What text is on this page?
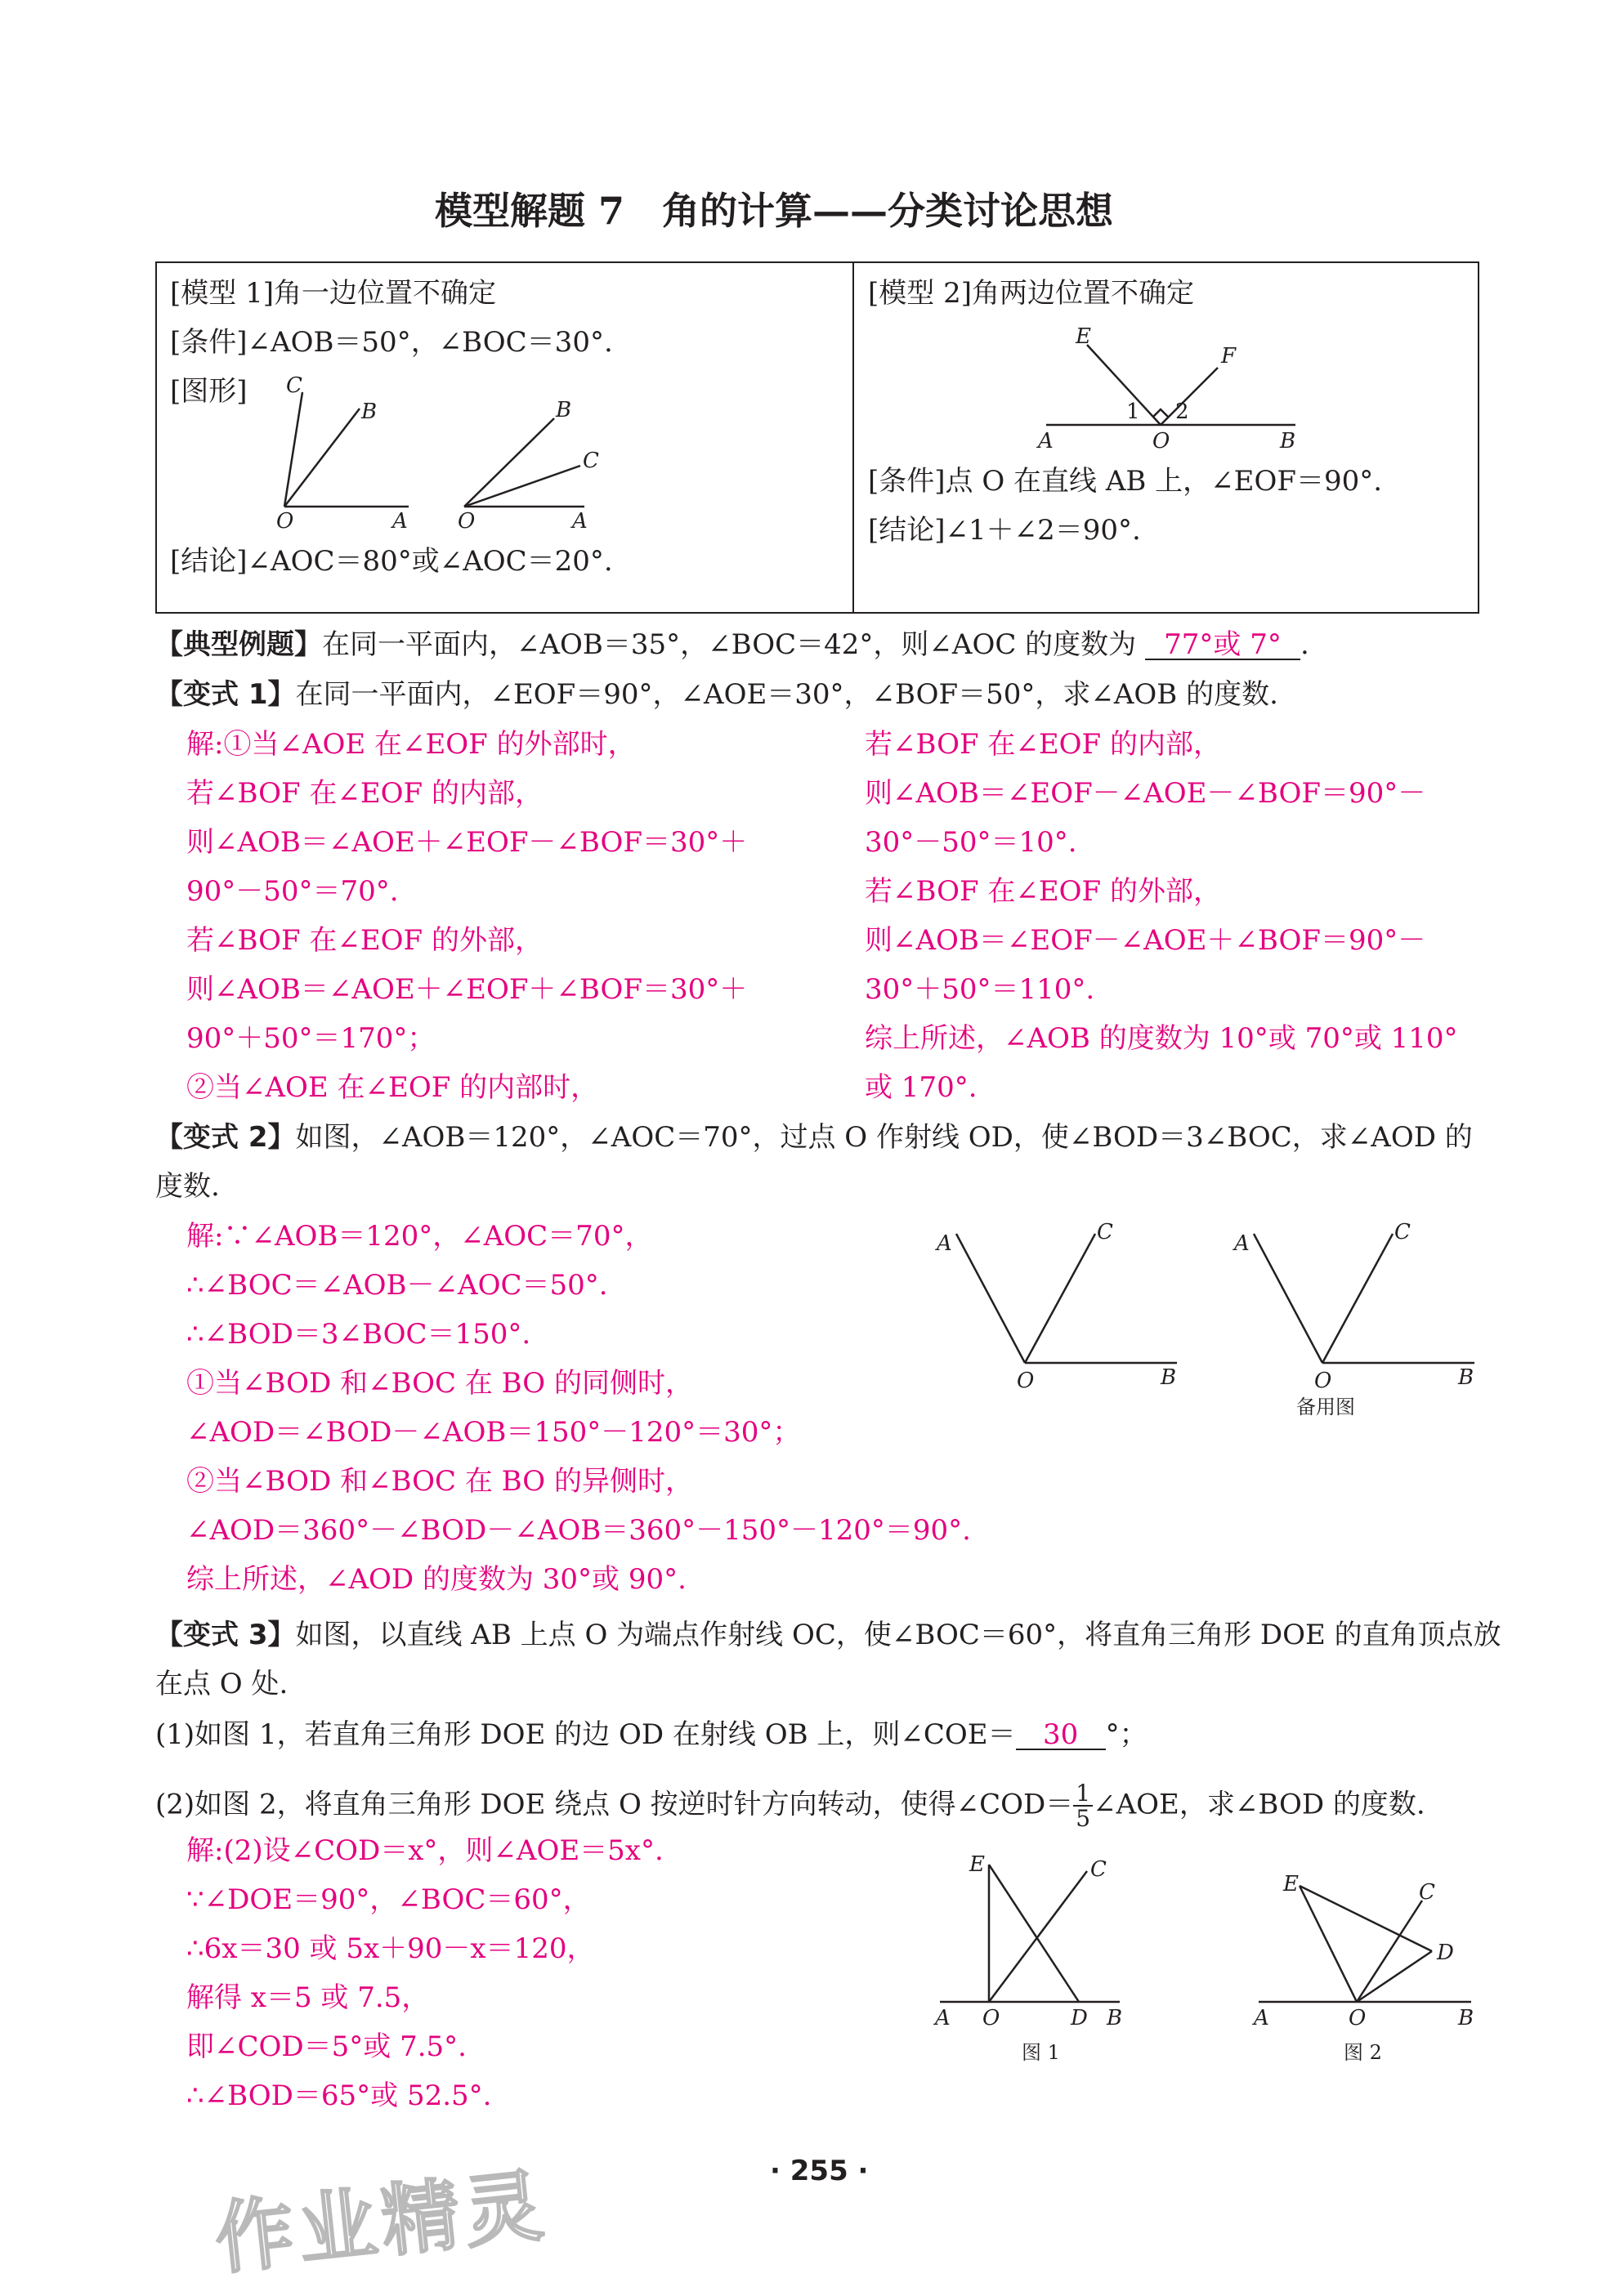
模型解题 7　角的计算——分类讨论思想
[模型 1]角一边位置不确定
[条件]∠AOB＝50°，∠BOC＝30°.
[图形] C
B
O	A
B
C
O	A
[结论]∠AOC＝80°或∠AOC＝20°.
[模型 2]角两边位置不确定
E
F
1 2
A	O	B
[条件]点 O 在直线 AB 上，∠EOF＝90°.
[结论]∠1＋∠2＝90°.
【典型例题】在同一平面内，∠AOB＝35°，∠BOC＝42°，则∠AOC 的度数为 77°或 7° .
【变式 1】在同一平面内，∠EOF＝90°，∠AOE＝30°，∠BOF＝50°，求∠AOB 的度数.
解:①当∠AOE 在∠EOF 的外部时，
若∠BOF 在∠EOF 的内部，
则∠AOB＝∠AOE＋∠EOF－∠BOF＝30°＋
90°－50°＝70°.
若∠BOF 在∠EOF 的外部，
则∠AOB＝∠AOE＋∠EOF＋∠BOF＝30°＋
90°＋50°＝170°；
②当∠AOE 在∠EOF 的内部时，
若∠BOF 在∠EOF 的内部，
则∠AOB＝∠EOF－∠AOE－∠BOF＝90°－
30°－50°＝10°.
若∠BOF 在∠EOF 的外部，
则∠AOB＝∠EOF－∠AOE＋∠BOF＝90°－
30°＋50°＝110°.
综上所述，∠AOB 的度数为 10°或 70°或 110°
或 170°.
【变式 2】如图，∠AOB＝120°，∠AOC＝70°，过点 O 作射线 OD，使∠BOD＝3∠BOC，求∠AOD 的
度数.
解:∵∠AOB＝120°，∠AOC＝70°，
∴∠BOC＝∠AOB－∠AOC＝50°.
∴∠BOD＝3∠BOC＝150°.
①当∠BOD 和∠BOC 在 BO 的同侧时，
∠AOD＝∠BOD－∠AOB＝150°－120°＝30°；
②当∠BOD 和∠BOC 在 BO 的异侧时，
∠AOD＝360°－∠BOD－∠AOB＝360°－150°－120°＝90°.
综上所述，∠AOD 的度数为 30°或 90°.
A	C
O	B
A	C
O	B
备用图
【变式 3】如图，以直线 AB 上点 O 为端点作射线 OC，使∠BOC＝60°，将直角三角形 DOE 的直角顶点放
在点 O 处.
(1)如图 1，若直角三角形 DOE 的边 OD 在射线 OB 上，则∠COE＝ 30 °；
(2)如图 2，将直角三角形 DOE 绕点 O 按逆时针方向转动，使得∠COD＝ $\frac{1}{5}$ ∠AOE，求∠BOD 的度数.
解:(2)设∠COD＝x°，则∠AOE＝5x°.
∵∠DOE＝90°，∠BOC＝60°，
∴6x＝30 或 5x＋90－x＝120，
解得 x＝5 或 7.5，
即∠COD＝5°或 7.5°.
∴∠BOD＝65°或 52.5°.
E	C
A O	D B
图 1
E	C
D
A	O	B
图 2
· 255 ·
作业精灵
